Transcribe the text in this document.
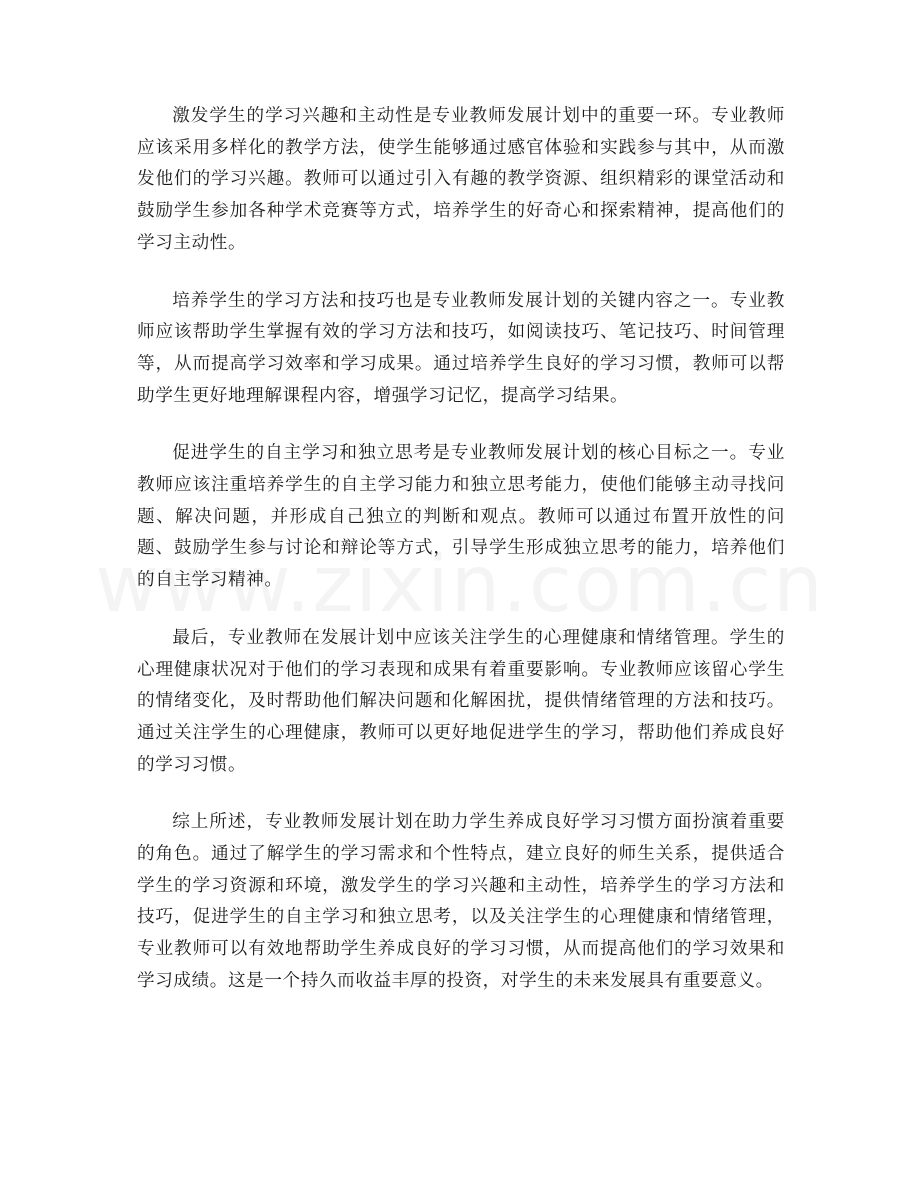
激发学生的学习兴趣和主动性是专业教师发展计划中的重要一环。专业教师应该采用多样化的教学方法，使学生能够通过感官体验和实践参与其中，从而激发他们的学习兴趣。教师可以通过引入有趣的教学资源、组织精彩的课堂活动和鼓励学生参加各种学术竞赛等方式，培养学生的好奇心和探索精神，提高他们的学习主动性。

培养学生的学习方法和技巧也是专业教师发展计划的关键内容之一。专业教师应该帮助学生掌握有效的学习方法和技巧，如阅读技巧、笔记技巧、时间管理等，从而提高学习效率和学习成果。通过培养学生良好的学习习惯，教师可以帮助学生更好地理解课程内容，增强学习记忆，提高学习结果。

促进学生的自主学习和独立思考是专业教师发展计划的核心目标之一。专业教师应该注重培养学生的自主学习能力和独立思考能力，使他们能够主动寻找问题、解决问题，并形成自己独立的判断和观点。教师可以通过布置开放性的问题、鼓励学生参与讨论和辩论等方式，引导学生形成独立思考的能力，培养他们的自主学习精神。

最后，专业教师在发展计划中应该关注学生的心理健康和情绪管理。学生的心理健康状况对于他们的学习表现和成果有着重要影响。专业教师应该留心学生的情绪变化，及时帮助他们解决问题和化解困扰，提供情绪管理的方法和技巧。通过关注学生的心理健康，教师可以更好地促进学生的学习，帮助他们养成良好的学习习惯。

综上所述，专业教师发展计划在助力学生养成良好学习习惯方面扮演着重要的角色。通过了解学生的学习需求和个性特点，建立良好的师生关系，提供适合学生的学习资源和环境，激发学生的学习兴趣和主动性，培养学生的学习方法和技巧，促进学生的自主学习和独立思考，以及关注学生的心理健康和情绪管理，专业教师可以有效地帮助学生养成良好的学习习惯，从而提高他们的学习效果和学习成绩。这是一个持久而收益丰厚的投资，对学生的未来发展具有重要意义。
